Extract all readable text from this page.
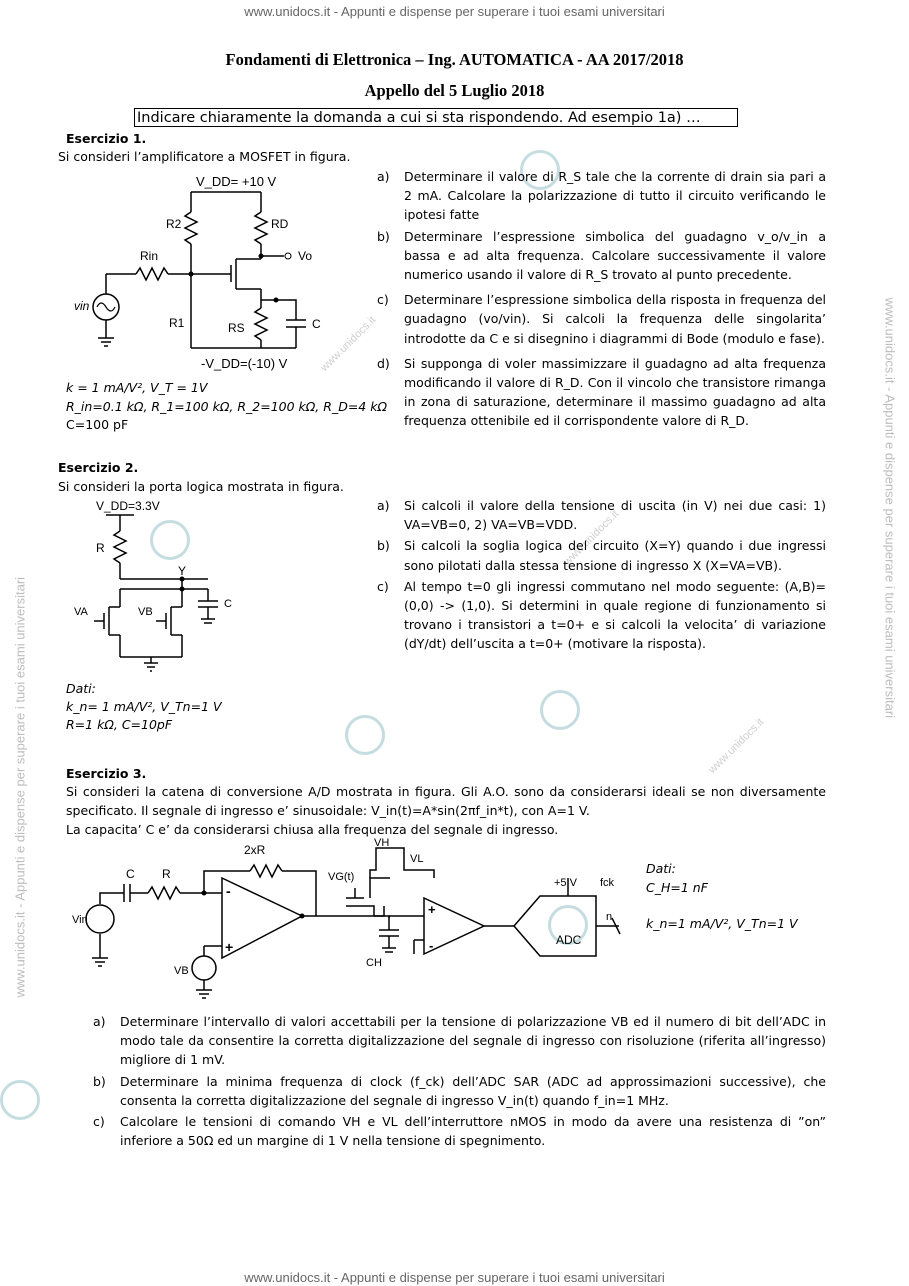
www.unidocs.it - Appunti e dispense per superare i tuoi esami universitari
www.unidocs.it - Appunti e dispense per superare i tuoi esami universitari
www.unidocs.it - Appunti e dispense per superare i tuoi esami universitari
www.unidocs.it - Appunti e dispense per superare i tuoi esami universitari
www.unidocs.it
www.unidocs.it
www.unidocs.it
Fondamenti di Elettronica – Ing. AUTOMATICA - AA 2017/2018
Appello del 5 Luglio 2018
Indicare chiaramente la domanda a cui si sta rispondendo. Ad esempio 1a) …
Esercizio 1.
Si consideri l’amplificatore a MOSFET in figura.
V_DD= +10 V
R2	RD
Rin	Vo
R1	RS	C
vin
-V_DD=(-10) V
k = 1 mA/V², V_T = 1V
R_in=0.1 kΩ, R_1=100 kΩ, R_2=100 kΩ, R_D=4 kΩ
C=100 pF
a) Determinare il valore di R_S tale che la corrente di drain sia pari a 2 mA. Calcolare la polarizzazione di tutto il circuito verificando le ipotesi fatte
b) Determinare l’espressione simbolica del guadagno v_o/v_in a bassa e ad alta frequenza. Calcolare successivamente il valore numerico usando il valore di R_S trovato al punto precedente.
c) Determinare l’espressione simbolica della risposta in frequenza del guadagno (vo/vin). Si calcoli la frequenza delle singolarita’ introdotte da C e si disegnino i diagrammi di Bode (modulo e fase).
d) Si supponga di voler massimizzare il guadagno ad alta frequenza modificando il valore di R_D. Con il vincolo che transistore rimanga in zona di saturazione, determinare il massimo guadagno ad alta frequenza ottenibile ed il corrispondente valore di R_D.
Esercizio 2.
Si consideri la porta logica mostrata in figura.
V_DD=3.3V
R
Y
VA	VB
C
Dati:
k_n= 1 mA/V², V_Tn=1 V
R=1 kΩ, C=10pF
a) Si calcoli il valore della tensione di uscita (in V) nei due casi: 1) VA=VB=0, 2) VA=VB=VDD.
b) Si calcoli la soglia logica del circuito (X=Y) quando i due ingressi sono pilotati dalla stessa tensione di ingresso X (X=VA=VB).
c) Al tempo t=0 gli ingressi commutano nel modo seguente: (A,B)=(0,0) -> (1,0). Si determini in quale regione di funzionamento si trovano i transistori a t=0+ e si calcoli la velocita’ di variazione (dY/dt) dell’uscita a t=0+ (motivare la risposta).
Esercizio 3.
Si consideri la catena di conversione A/D mostrata in figura. Gli A.O. sono da considerarsi ideali se non diversamente specificato. Il segnale di ingresso e’ sinusoidale: V_in(t)=A*sin(2πf_in*t), con A=1 V.
La capacita’ C e’ da considerarsi chiusa alla frequenza del segnale di ingresso.
2xR
C R
Vin
VB
-
+
VG(t)
VH
VL
CH
+
-
+5 V fck
ADC
n
Dati:
C_H=1 nF
k_n=1 mA/V², V_Tn=1 V
a) Determinare l’intervallo di valori accettabili per la tensione di polarizzazione VB ed il numero di bit dell’ADC in modo tale da consentire la corretta digitalizzazione del segnale di ingresso con risoluzione (riferita all’ingresso) migliore di 1 mV.
b) Determinare la minima frequenza di clock (f_ck) dell’ADC SAR (ADC ad approssimazioni successive), che consenta la corretta digitalizzazione del segnale di ingresso V_in(t) quando f_in=1 MHz.
c) Calcolare le tensioni di comando VH e VL dell’interruttore nMOS in modo da avere una resistenza di ”on” inferiore a 50Ω ed un margine di 1 V nella tensione di spegnimento.
